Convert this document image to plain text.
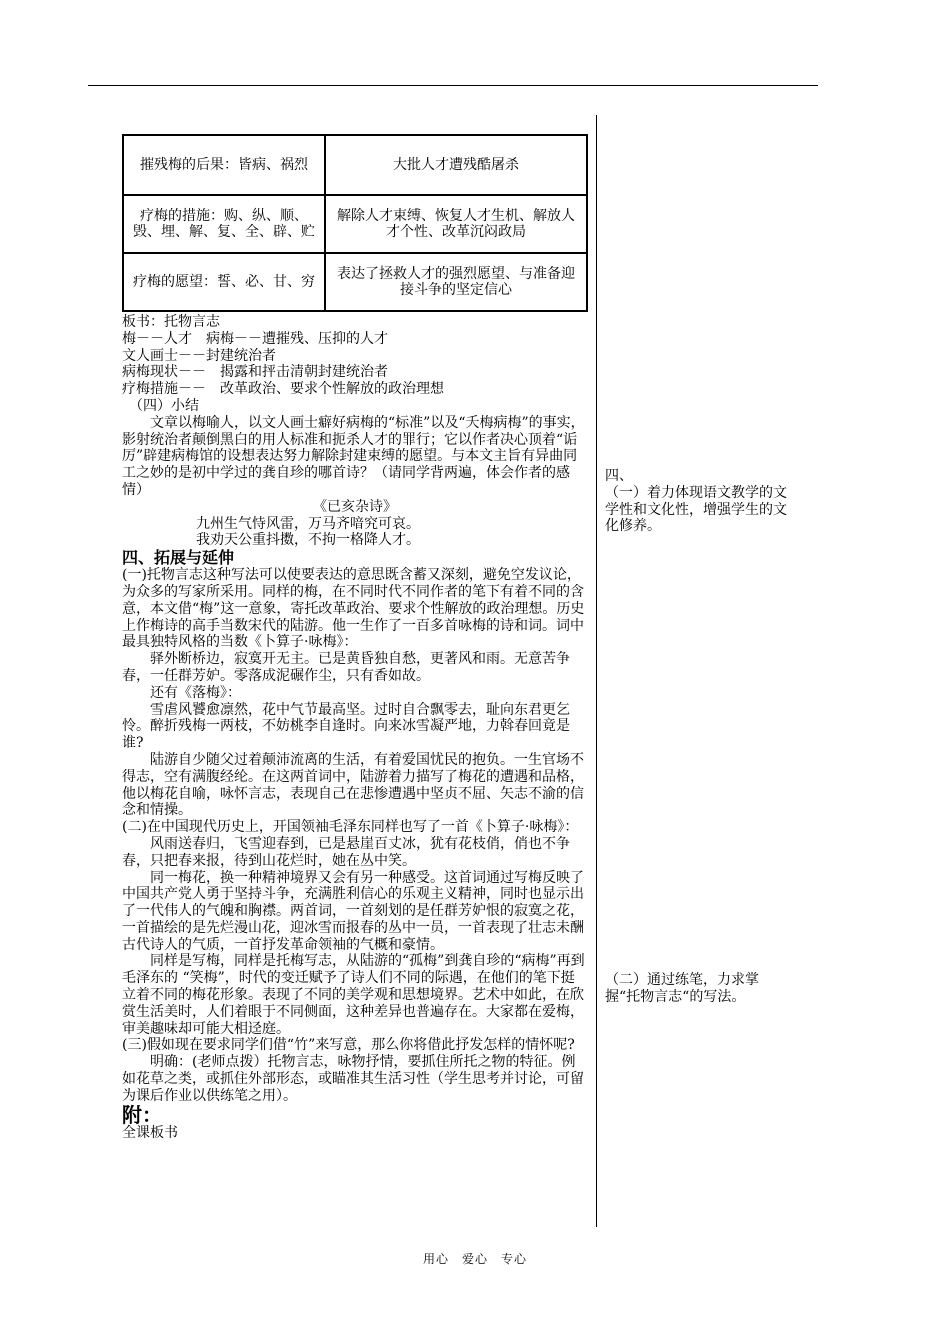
摧残梅的后果：皆病、祸烈	大批人才遭残酷屠杀
疗梅的措施：购、纵、顺、毁、埋、解、复、全、辟、贮	解除人才束缚、恢复人才生机、解放人才个性、改革沉闷政局
疗梅的愿望：誓、必、甘、穷	表达了拯救人才的强烈愿望、与准备迎接斗争的坚定信心

板书：托物言志

梅－－人才　病梅－－遭摧残、压抑的人才

文人画士－－封建统治者

病梅现状－－　揭露和抨击清朝封建统治者

疗梅措施－－　改革政治、要求个性解放的政治理想

（四）小结

文章以梅喻人，以文人画士癖好病梅的“标准”以及“夭梅病梅”的事实，影射统治者颠倒黑白的用人标准和扼杀人才的罪行；它以作者决心顶着“诟厉”辟建病梅馆的设想表达努力解除封建束缚的愿望。与本文主旨有异曲同工之妙的是初中学过的龚自珍的哪首诗？（请同学背两遍，体会作者的感情）

《已亥杂诗》

九州生气恃风雷，万马齐喑究可哀。

我劝天公重抖擞，不拘一格降人才。

四、拓展与延伸

(一)托物言志这种写法可以使要表达的意思既含蓄又深刻，避免空发议论，为众多的写家所采用。同样的梅，在不同时代不同作者的笔下有着不同的含意，本文借“梅”这一意象，寄托改革政治、要求个性解放的政治理想。历史上作梅诗的高手当数宋代的陆游。他一生作了一百多首咏梅的诗和词。词中最具独特风格的当数《卜算子·咏梅》：

驿外断桥边，寂寞开无主。已是黄昏独自愁，更著风和雨。无意苦争春，一任群芳妒。零落成泥碾作尘，只有香如故。

还有《落梅》：

雪虐风饕愈凛然，花中气节最高坚。过时自合飘零去，耻向东君更乞怜。醉折残梅一两枝，不妨桃李自逢时。向来冰雪凝严地，力斡春回竟是谁?

陆游自少随父过着颠沛流离的生活，有着爱国忧民的抱负。一生官场不得志，空有满腹经纶。在这两首词中，陆游着力描写了梅花的遭遇和品格，他以梅花自喻，咏怀言志，表现自己在悲惨遭遇中坚贞不屈、矢志不渝的信念和情操。

(二)在中国现代历史上，开国领袖毛泽东同样也写了一首《卜算子·咏梅》：

风雨送春归，飞雪迎春到，已是悬崖百丈冰，犹有花枝俏，俏也不争春，只把春来报，待到山花烂时，她在丛中笑。

同一梅花，换一种精神境界又会有另一种感受。这首词通过写梅反映了中国共产党人勇于坚持斗争，充满胜利信心的乐观主义精神，同时也显示出了一代伟人的气魄和胸襟。两首词，一首刻划的是任群芳妒恨的寂寞之花，一首描绘的是先烂漫山花，迎冰雪而报春的丛中一员，一首表现了壮志未酬古代诗人的气质，一首抒发革命领袖的气概和豪情。

同样是写梅，同样是托梅写志，从陆游的“孤梅”到龚自珍的“病梅”再到毛泽东的 “笑梅”，时代的变迁赋予了诗人们不同的际遇，在他们的笔下挺立着不同的梅花形象。表现了不同的美学观和思想境界。艺术中如此，在欣赏生活美时，人们着眼于不同侧面，这种差异也普遍存在。大家都在爱梅，审美趣味却可能大相迳庭。

(三)假如现在要求同学们借“竹”来写意，那么你将借此抒发怎样的情怀呢?

明确：(老师点拨）托物言志，咏物抒情，要抓住所托之物的特征。例如花草之类，或抓住外部形态，或瞄准其生活习性（学生思考并讨论，可留为课后作业以供练笔之用）。

附：

全课板书

四、

（一）着力体现语文教学的文学性和文化性，增强学生的文化修养。

（二）通过练笔，力求掌握“托物言志“的写法。

用心　爱心　专心
